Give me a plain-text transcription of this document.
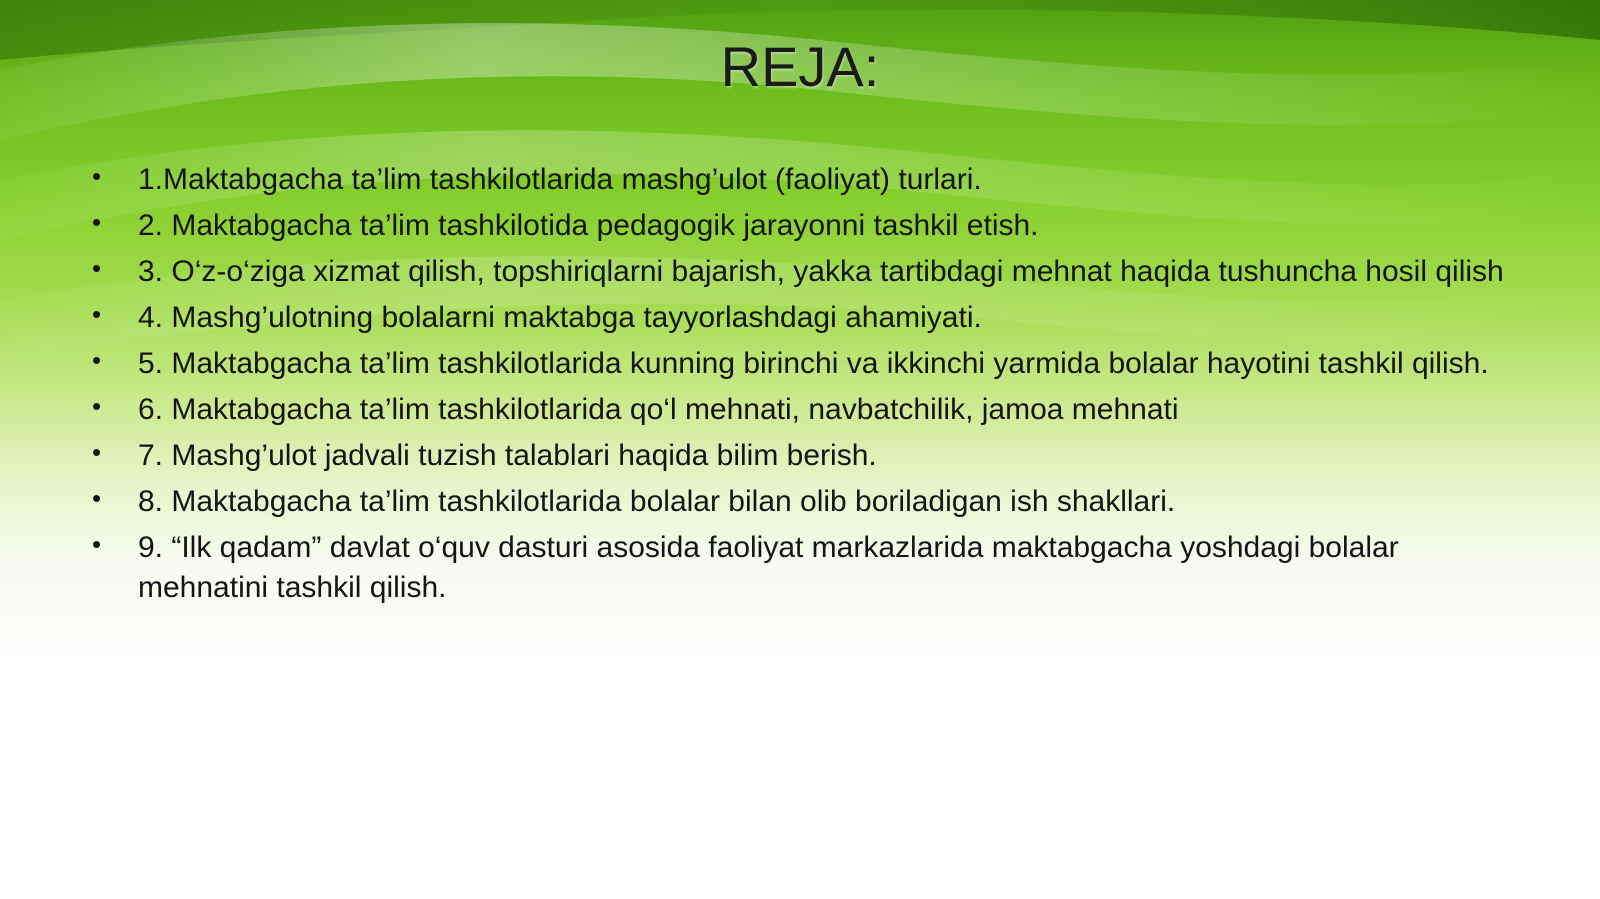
REJA:
• 1.Maktabgacha ta’lim tashkilotlarida mashg’ulot (faoliyat) turlari.
• 2. Maktabgacha ta’lim tashkilotida pedagogik jarayonni tashkil etish.
• 3. O‘z-o‘ziga xizmat qilish, topshiriqlarni bajarish, yakka tartibdagi mehnat haqida tushuncha hosil qilish
• 4. Mashg’ulotning bolalarni maktabga tayyorlashdagi ahamiyati.
• 5. Maktabgacha ta’lim tashkilotlarida kunning birinchi va ikkinchi yarmida bolalar hayotini tashkil qilish.
• 6. Maktabgacha ta’lim tashkilotlarida qo‘l mehnati, navbatchilik, jamoa mehnati
• 7. Mashg’ulot jadvali tuzish talablari haqida bilim berish.
• 8. Maktabgacha ta’lim tashkilotlarida bolalar bilan olib boriladigan ish shakllari.
• 9. “Ilk qadam” davlat o‘quv dasturi asosida faoliyat markazlarida maktabgacha yoshdagi bolalar mehnatini tashkil qilish.
